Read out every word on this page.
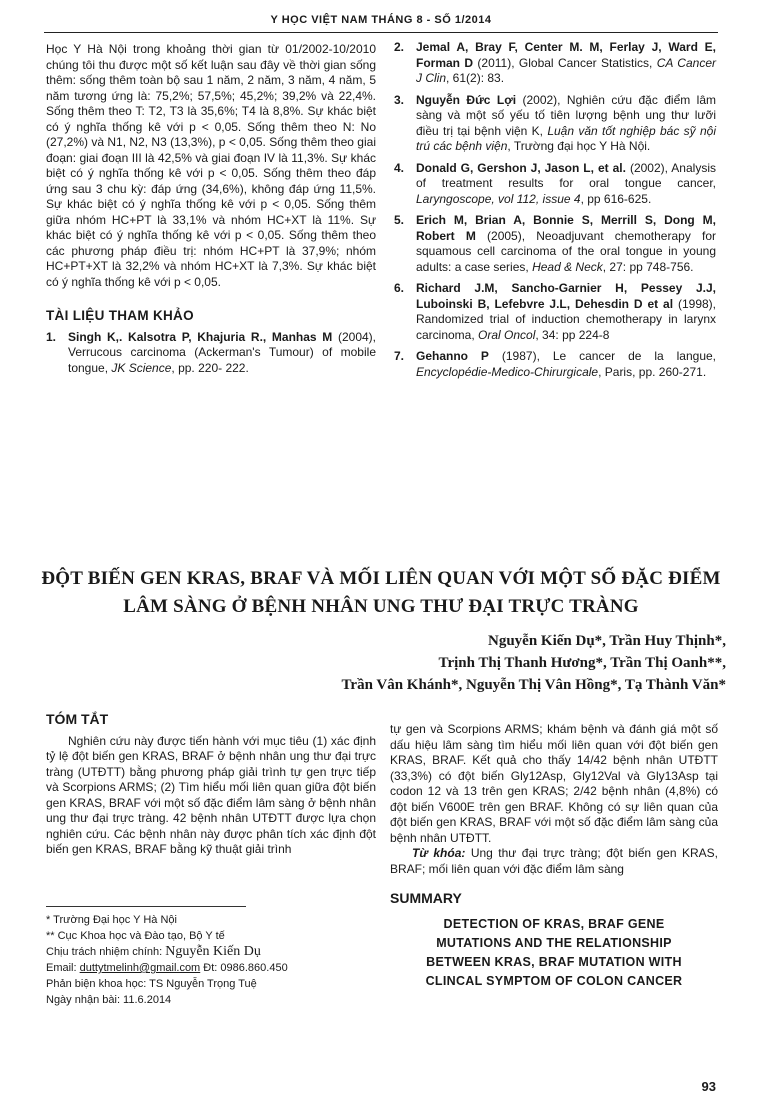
Y HỌC VIỆT NAM THÁNG 8 - SỐ 1/2014

Học Y Hà Nội trong khoảng thời gian từ 01/2002-10/2010 chúng tôi thu được một số kết luận sau đây về thời gian sống thêm: sống thêm toàn bộ sau 1 năm, 2 năm, 3 năm, 4 năm, 5 năm tương ứng là: 75,2%; 57,5%; 45,2%; 39,2% và 22,4%. Sống thêm theo T: T2, T3 là 35,6%; T4 là 8,8%. Sự khác biệt có ý nghĩa thống kê với p < 0,05. Sống thêm theo N: No (27,2%) và N1, N2, N3 (13,3%), p < 0,05. Sống thêm theo giai đoạn: giai đoạn III là 42,5% và giai đoạn IV là 11,3%. Sự khác biệt có ý nghĩa thống kê với p < 0,05. Sống thêm theo đáp ứng sau 3 chu kỳ: đáp ứng (34,6%), không đáp ứng 11,5%. Sự khác biệt có ý nghĩa thống kê với p < 0,05. Sống thêm giữa nhóm HC+PT là 33,1% và nhóm HC+XT là 11%. Sự khác biệt có ý nghĩa thống kê với p < 0,05. Sống thêm theo các phương pháp điều trị: nhóm HC+PT là 37,9%; nhóm HC+PT+XT là 32,2% và nhóm HC+XT là 7,3%. Sự khác biệt có ý nghĩa thống kê với p < 0,05.

TÀI LIỆU THAM KHẢO
1. Singh K,. Kalsotra P, Khajuria R., Manhas M (2004), Verrucous carcinoma (Ackerman's Tumour) of mobile tongue, JK Science, pp. 220- 222.
2. Jemal A, Bray F, Center M. M, Ferlay J, Ward E, Forman D (2011), Global Cancer Statistics, CA Cancer J Clin, 61(2): 83.
3. Nguyễn Đức Lợi (2002), Nghiên cứu đặc điểm lâm sàng và một số yếu tố tiên lượng bệnh ung thư lưỡi điều trị tại bệnh viện K, Luận văn tốt nghiệp bác sỹ nội trú các bệnh viện, Trường đại học Y Hà Nội.
4. Donald G, Gershon J, Jason L, et al. (2002), Analysis of treatment results for oral tongue cancer, Laryngoscope, vol 112, issue 4, pp 616-625.
5. Erich M, Brian A, Bonnie S, Merrill S, Dong M, Robert M (2005), Neoadjuvant chemotherapy for squamous cell carcinoma of the oral tongue in young adults: a case series, Head & Neck, 27: pp 748-756.
6. Richard J.M, Sancho-Garnier H, Pessey J.J, Luboinski B, Lefebvre J.L, Dehesdin D et al (1998), Randomized trial of induction chemotherapy in larynx carcinoma, Oral Oncol, 34: pp 224-8
7. Gehanno P (1987), Le cancer de la langue, Encyclopédie-Medico-Chirurgicale, Paris, pp. 260-271.
ĐỘT BIẾN GEN KRAS, BRAF VÀ MỐI LIÊN QUAN VỚI MỘT SỐ ĐẶC ĐIỂM
LÂM SÀNG Ở BỆNH NHÂN UNG THƯ ĐẠI TRỰC TRÀNG
Nguyễn Kiến Dụ*, Trần Huy Thịnh*,
Trịnh Thị Thanh Hương*, Trần Thị Oanh**,
Trần Vân Khánh*, Nguyễn Thị Vân Hồng*, Tạ Thành Văn*
TÓM TẮT

Nghiên cứu này được tiến hành với mục tiêu (1) xác định tỷ lệ đột biến gen KRAS, BRAF ở bệnh nhân ung thư đại trực tràng (UTĐTT) bằng phương pháp giải trình tự gen trực tiếp và Scorpions ARMS; (2) Tìm hiểu mối liên quan giữa đột biến gen KRAS, BRAF với một số đặc điểm lâm sàng ở bệnh nhân ung thư đại trực tràng. 42 bệnh nhân UTĐTT được lựa chọn nghiên cứu. Các bệnh nhân này được phân tích xác định đột biến gen KRAS, BRAF bằng kỹ thuật giải trình

tự gen và Scorpions ARMS; khám bệnh và đánh giá một số dấu hiệu lâm sàng tìm hiểu mối liên quan với đột biến gen KRAS, BRAF. Kết quả cho thấy 14/42 bệnh nhân UTĐTT (33,3%) có đột biến Gly12Asp, Gly12Val và Gly13Asp tại codon 12 và 13 trên gen KRAS; 2/42 bệnh nhân (4,8%) có đột biến V600E trên gen BRAF. Không có sự liên quan của đột biến gen KRAS, BRAF với một số đặc điểm lâm sàng của bệnh nhân UTĐTT.

Từ khóa: Ung thư đại trực tràng; đột biến gen KRAS, BRAF; mối liên quan với đặc điểm lâm sàng

SUMMARY
DETECTION OF KRAS, BRAF GENE
MUTATIONS AND THE RELATIONSHIP
BETWEEN KRAS, BRAF MUTATION WITH
CLINCAL SYMPTOM OF COLON CANCER

* Trường Đại học Y Hà Nội

** Cục Khoa học và Đào tạo, Bộ Y tế

Chịu trách nhiệm chính: Nguyễn Kiến Dụ

Email: duttytmelinh@gmail.com Đt: 0986.860.450

Phản biện khoa học: TS Nguyễn Trọng Tuệ

Ngày nhận bài: 11.6.2014

93
